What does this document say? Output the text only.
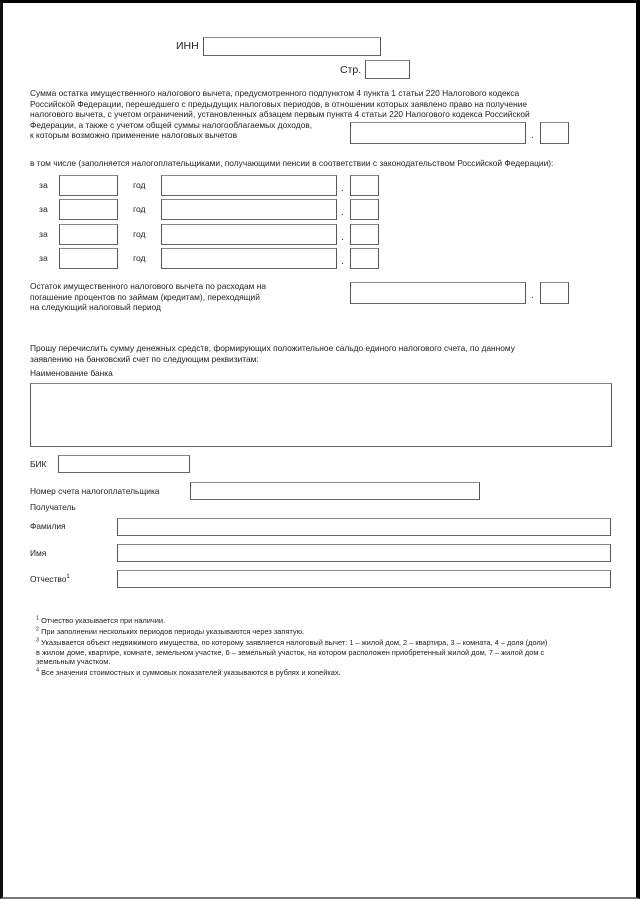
ИНН
Стр.
Сумма остатка имущественного налогового вычета, предусмотренного подпунктом 4 пункта 1 статьи 220 Налогового кодекса
Российской Федерации, перешедшего с предыдущих налоговых периодов, в отношении которых заявлено право на получение
налогового вычета, с учетом ограничений, установленных абзацем первым пункта 4 статьи 220 Налогового кодекса Российской
Федерации, а также с учетом общей суммы налогооблагаемых доходов,
к которым возможно применение налоговых вычетов	.
в том числе (заполняется налогоплательщиками, получающими пенсии в соответствии с законодательством Российской Федерации):
за	год	.
за	год	.
за	год	.
за	год	.
Остаток имущественного налогового вычета по расходам на
погашение процентов по займам (кредитам), переходящий
на следующий налоговый период
.
Прошу перечислить сумму денежных средств, формирующих положительное сальдо единого налогового счета, по данному
заявлению на банковский счет по следующим реквизитам:
Наименование банка
БИК
Номер счета налогоплательщика
Получатель
Фамилия
Имя
Отчество$^1$
$^1$ Отчество указывается при наличии.
$^2$ При заполнении нескольких периодов периоды указываются через запятую.
$^3$ Указывается объект недвижимого имущества, по которому заявляется налоговый вычет: 1 – жилой дом, 2 – квартира, 3 – комната, 4 – доля (доли)
в жилом доме, квартире, комнате, земельном участке, 6 – земельный участок, на котором расположен приобретенный жилой дом, 7 – жилой дом с
земельным участком.
$^4$ Все значения стоимостных и суммовых показателей указываются в рублях и копейках.
